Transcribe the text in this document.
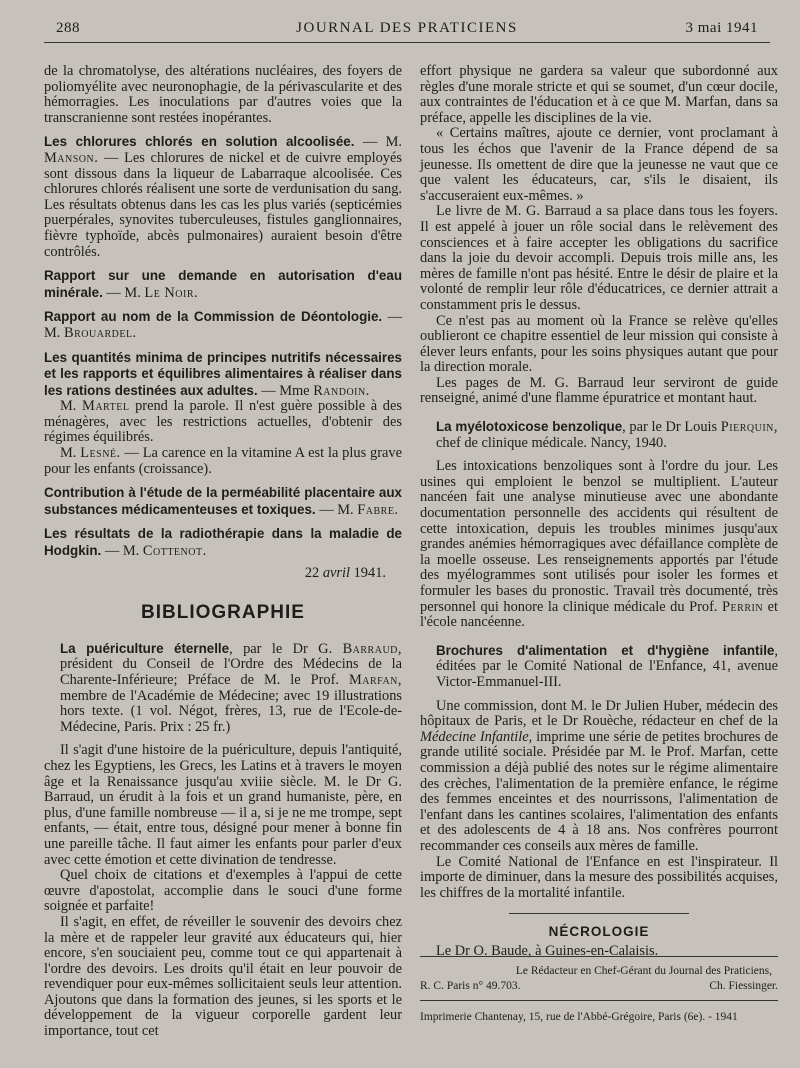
288	JOURNAL DES PRATICIENS	3 mai 1941

de la chromatolyse, des altérations nucléaires, des foyers de poliomyélite avec neuronophagie, de la périvascularite et des hémorragies. Les inoculations par d'autres voies que la transcranienne sont restées inopérantes.

Les chlorures chlorés en solution alcoolisée. — M. Manson. — Les chlorures de nickel et de cuivre employés sont dissous dans la liqueur de Labarraque alcoolisée. Ces chlorures chlorés réalisent une sorte de verdunisation du sang. Les résultats obtenus dans les cas les plus variés (septicémies puerpérales, synovites tuberculeuses, fistules ganglionnaires, fièvre typhoïde, abcès pulmonaires) auraient besoin d'être contrôlés.

Rapport sur une demande en autorisation d'eau minérale. — M. Le Noir.

Rapport au nom de la Commission de Déontologie. — M. Brouardel.

Les quantités minima de principes nutritifs nécessaires et les rapports et équilibres alimentaires à réaliser dans les rations destinées aux adultes. — Mme Randoin.

M. Martel prend la parole. Il n'est guère possible à des ménagères, avec les restrictions actuelles, d'obtenir des régimes équilibrés.

M. Lesné. — La carence en la vitamine A est la plus grave pour les enfants (croissance).

Contribution à l'étude de la perméabilité placentaire aux substances médicamenteuses et toxiques. — M. Fabre.

Les résultats de la radiothérapie dans la maladie de Hodgkin. — M. Cottenot.

22 avril 1941.

BIBLIOGRAPHIE

La puériculture éternelle, par le Dr G. Barraud, président du Conseil de l'Ordre des Médecins de la Charente-Inférieure; Préface de M. le Prof. Marfan, membre de l'Académie de Médecine; avec 19 illustrations hors texte. (1 vol. Négot, frères, 13, rue de l'Ecole-de-Médecine, Paris. Prix : 25 fr.)

Il s'agit d'une histoire de la puériculture, depuis l'antiquité, chez les Egyptiens, les Grecs, les Latins et à travers le moyen âge et la Renaissance jusqu'au xviiie siècle. M. le Dr G. Barraud, un érudit à la fois et un grand humaniste, père, en plus, d'une famille nombreuse — il a, si je ne me trompe, sept enfants, — était, entre tous, désigné pour mener à bonne fin une pareille tâche. Il faut aimer les enfants pour parler d'eux avec cette émotion et cette divination de tendresse.

Quel choix de citations et d'exemples à l'appui de cette œuvre d'apostolat, accomplie dans le souci d'une forme soignée et parfaite!

Il s'agit, en effet, de réveiller le souvenir des devoirs chez la mère et de rappeler leur gravité aux éducateurs qui, hier encore, s'en souciaient peu, comme tout ce qui appartenait à l'ordre des devoirs. Les droits qu'il était en leur pouvoir de revendiquer pour eux-mêmes sollicitaient seuls leur attention. Ajoutons que dans la formation des jeunes, si les sports et le développement de la vigueur corporelle gardent leur importance, tout cet

effort physique ne gardera sa valeur que subordonné aux règles d'une morale stricte et qui se soumet, d'un cœur docile, aux contraintes de l'éducation et à ce que M. Marfan, dans sa préface, appelle les disciplines de la vie.

« Certains maîtres, ajoute ce dernier, vont proclamant à tous les échos que l'avenir de la France dépend de sa jeunesse. Ils omettent de dire que la jeunesse ne vaut que ce que valent les éducateurs, car, s'ils le disaient, ils s'accuseraient eux-mêmes. »

Le livre de M. G. Barraud a sa place dans tous les foyers. Il est appelé à jouer un rôle social dans le relèvement des consciences et à faire accepter les obligations du sacrifice dans la joie du devoir accompli. Depuis trois mille ans, les mères de famille n'ont pas hésité. Entre le désir de plaire et la volonté de remplir leur rôle d'éducatrices, ce dernier attrait a constamment pris le dessus.

Ce n'est pas au moment où la France se relève qu'elles oublieront ce chapitre essentiel de leur mission qui consiste à élever leurs enfants, pour les soins physiques autant que pour la direction morale.

Les pages de M. G. Barraud leur serviront de guide renseigné, animé d'une flamme épuratrice et montant haut.

La myélotoxicose benzolique, par le Dr Louis Pierquin, chef de clinique médicale. Nancy, 1940.

Les intoxications benzoliques sont à l'ordre du jour. Les usines qui emploient le benzol se multiplient. L'auteur nancéen fait une analyse minutieuse avec une abondante documentation personnelle des accidents qui résultent de cette intoxication, depuis les troubles minimes jusqu'aux grandes anémies hémorragiques avec défaillance complète de la moelle osseuse. Les renseignements apportés par l'étude des myélogrammes sont utilisés pour isoler les formes et formuler les bases du pronostic. Travail très documenté, très personnel qui honore la clinique médicale du Prof. Perrin et l'école nancéenne.

Brochures d'alimentation et d'hygiène infantile, éditées par le Comité National de l'Enfance, 41, avenue Victor-Emmanuel-III.

Une commission, dont M. le Dr Julien Huber, médecin des hôpitaux de Paris, et le Dr Rouèche, rédacteur en chef de la Médecine Infantile, imprime une série de petites brochures de grande utilité sociale. Présidée par M. le Prof. Marfan, cette commission a déjà publié des notes sur le régime alimentaire des crèches, l'alimentation de la première enfance, le régime des femmes enceintes et des nourrissons, l'alimentation de l'enfant dans les cantines scolaires, l'alimentation des enfants et des adolescents de 4 à 18 ans. Nos confrères pourront recommander ces conseils aux mères de famille.

Le Comité National de l'Enfance en est l'inspirateur. Il importe de diminuer, dans la mesure des possibilités acquises, les chiffres de la mortalité infantile.

NÉCROLOGIE

Le Dr O. Baude, à Guines-en-Calaisis.

Le Rédacteur en Chef-Gérant du Journal des Praticiens,
R. C. Paris n° 49.703.	Ch. Fiessinger.
Imprimerie Chantenay, 15, rue de l'Abbé-Grégoire, Paris (6e). - 1941
